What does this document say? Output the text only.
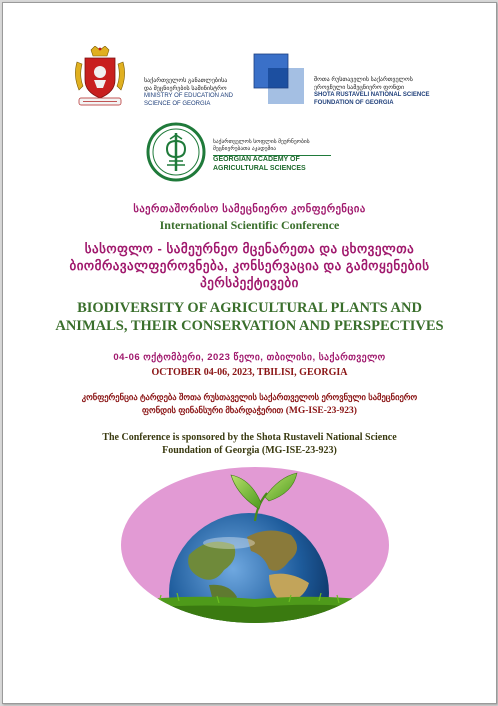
საქართველოს განათლებისა
და მეცნიერების სამინისტრო
MINISTRY OF EDUCATION AND
SCIENCE OF GEORGIA
შოთა რუსთაველის საქართველოს
ეროვნული სამეცნიერო ფონდი
SHOTA RUSTAVELI NATIONAL SCIENCE
FOUNDATION OF GEORGIA
საქართველოს სოფლის მეურნეობის
მეცნიერებათა აკადემია
GEORGIAN ACADEMY OF
AGRICULTURAL SCIENCES
საერთაშორისო სამეცნიერო კონფერენცია
International Scientific Conference
სასოფლო - სამეურნეო მცენარეთა და ცხოველთა
ბიომრავალფეროვნება, კონსერვაცია და გამოყენების
პერსპექტივები
BIODIVERSITY OF AGRICULTURAL PLANTS AND
ANIMALS, THEIR CONSERVATION AND PERSPECTIVES
04-06 ოქტომბერი, 2023 წელი, თბილისი, საქართველო
OCTOBER 04-06, 2023, TBILISI, GEORGIA
კონფერენცია ტარდება შოთა რუსთაველის საქართველოს ეროვნული სამეცნიერო
ფონდის ფინანსური მხარდაჭერით (MG-ISE-23-923)
The Conference is sponsored by the Shota Rustaveli National Science
Foundation of Georgia (MG-ISE-23-923)
